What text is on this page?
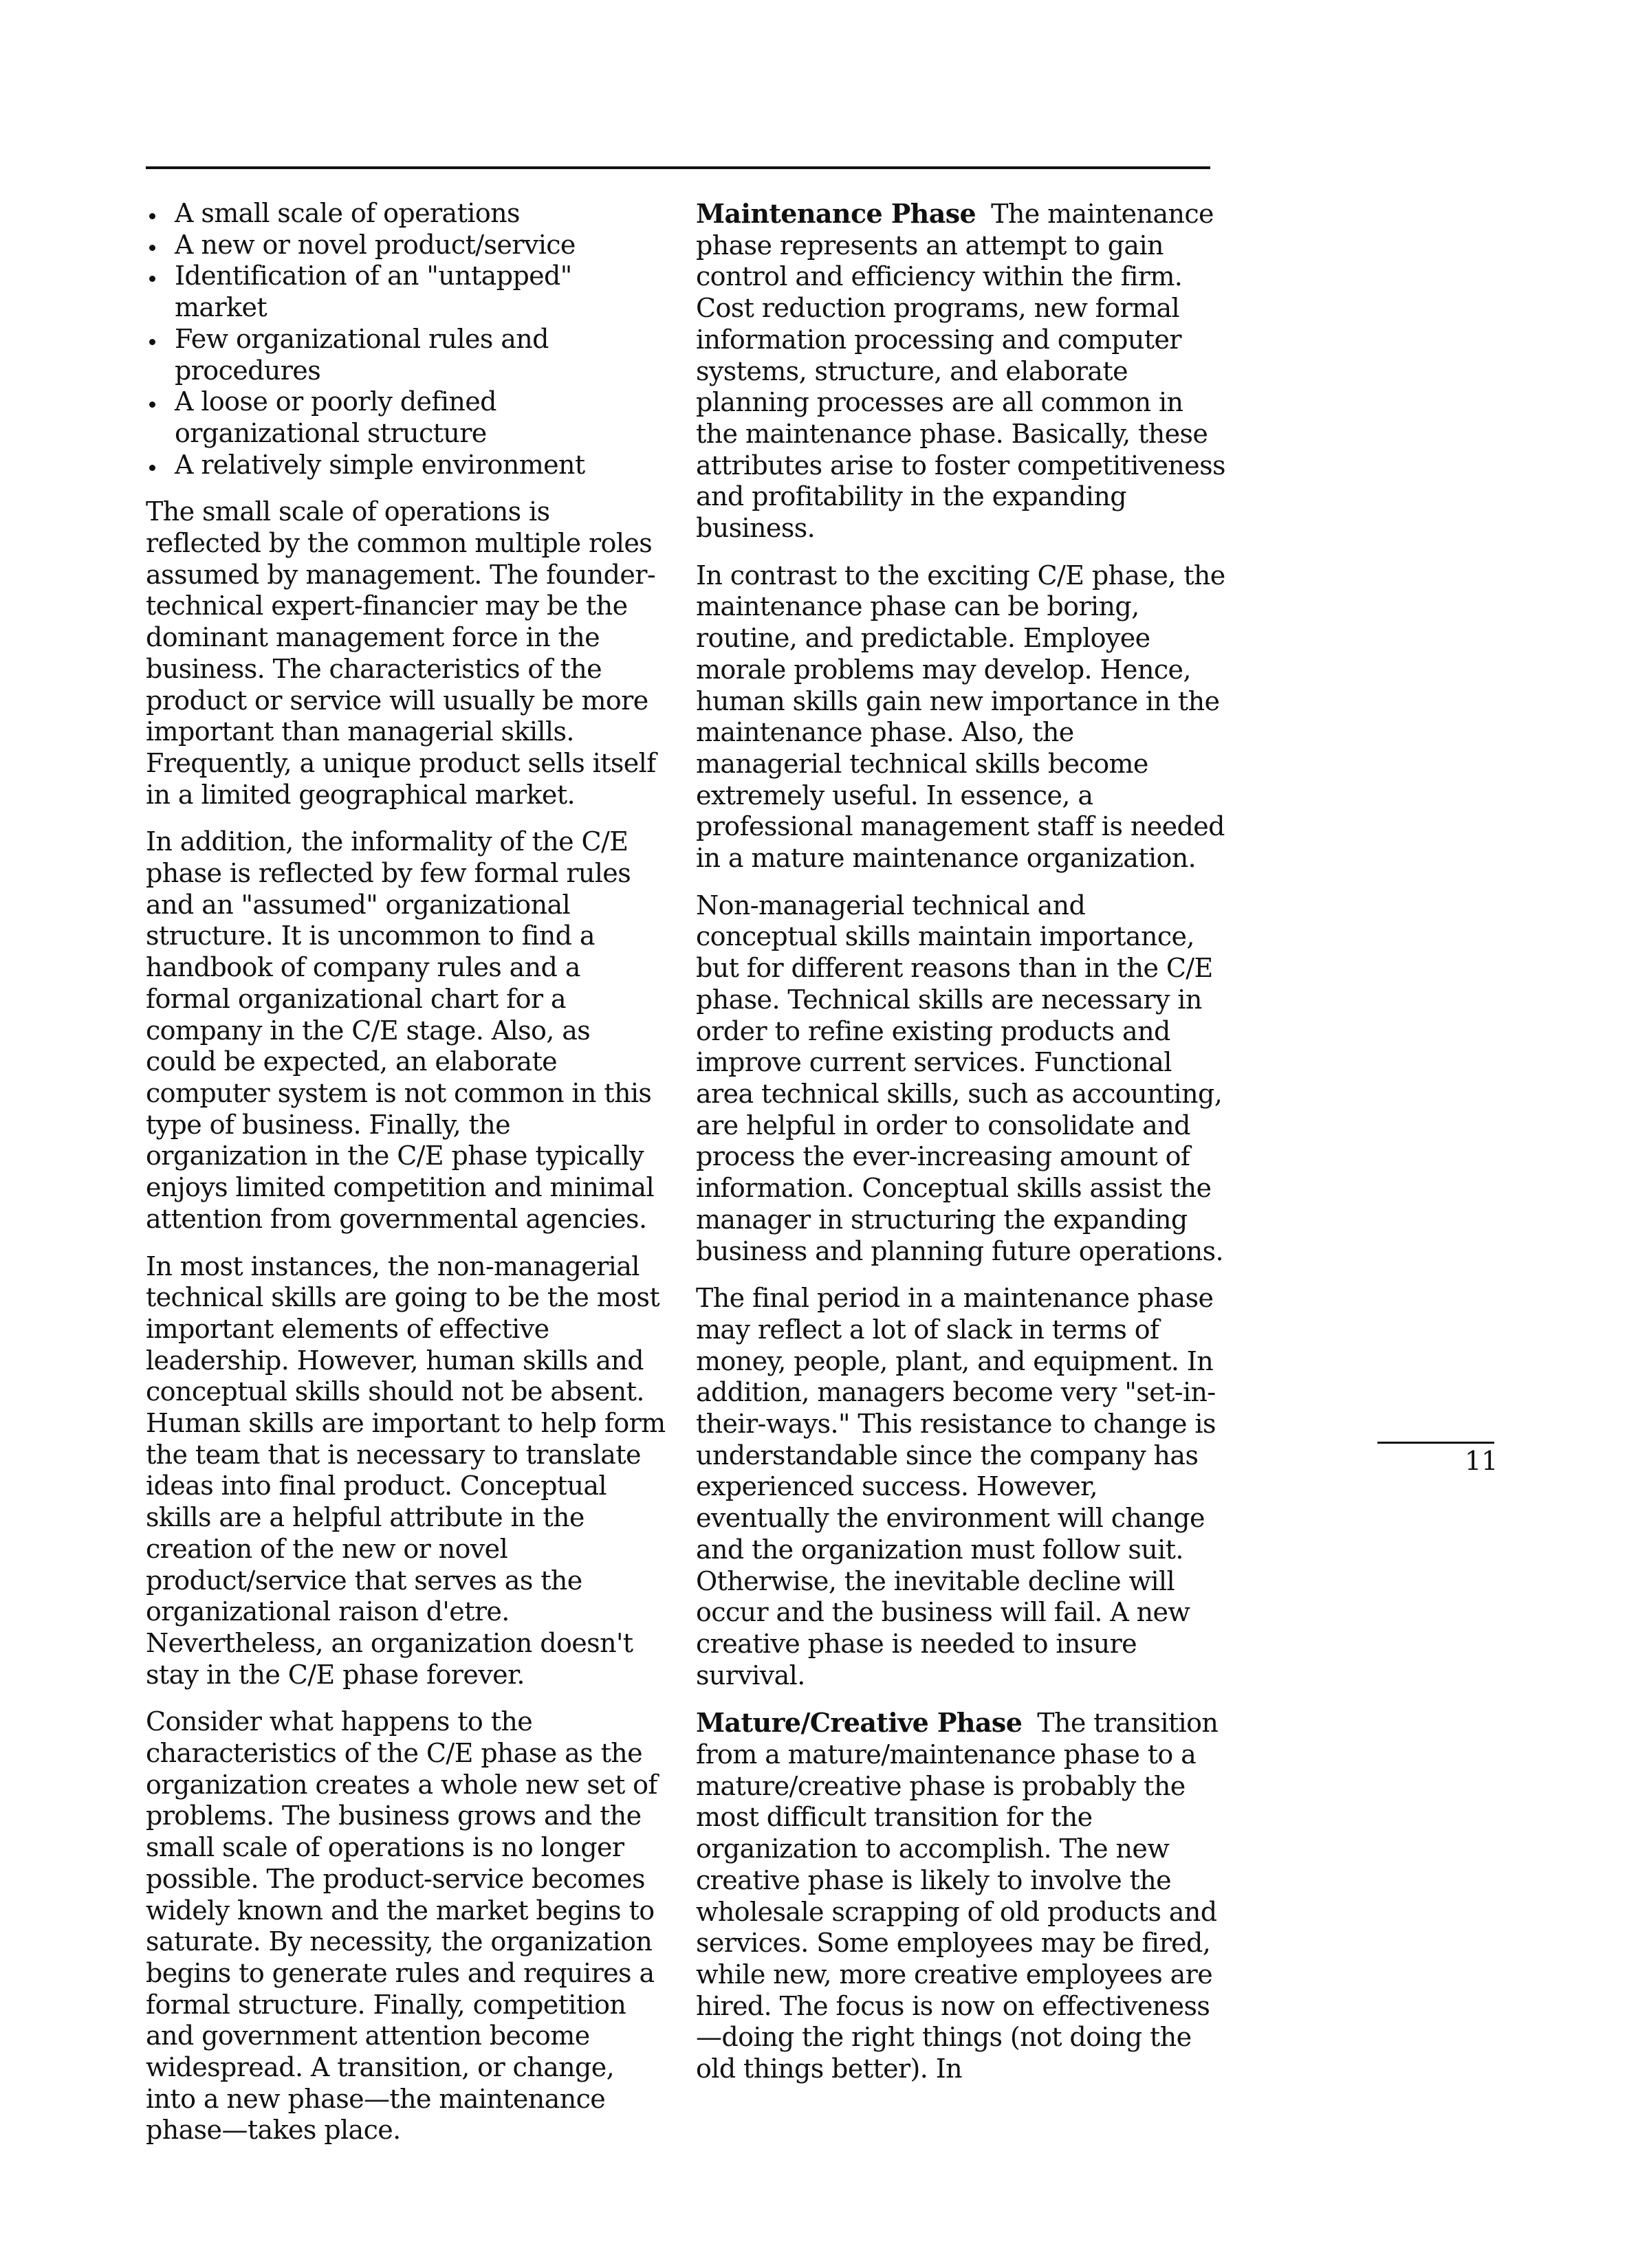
A small scale of operations
A new or novel product/service
Identification of an "untapped" market
Few organizational rules and procedures
A loose or poorly defined organizational structure
A relatively simple environment

The small scale of operations is reflected by the common multiple roles assumed by management. The founder-technical expert-financier may be the dominant management force in the business. The characteristics of the product or service will usually be more important than managerial skills. Frequently, a unique product sells itself in a limited geographical market.

In addition, the informality of the C/E phase is reflected by few formal rules and an "assumed" organizational structure. It is uncommon to find a handbook of company rules and a formal organizational chart for a company in the C/E stage. Also, as could be expected, an elaborate computer system is not common in this type of business. Finally, the organization in the C/E phase typically enjoys limited competition and minimal attention from governmental agencies.

In most instances, the non-managerial technical skills are going to be the most important elements of effective leadership. However, human skills and conceptual skills should not be absent. Human skills are important to help form the team that is necessary to translate ideas into final product. Conceptual skills are a helpful attribute in the creation of the new or novel product/service that serves as the organizational raison d'etre. Nevertheless, an organization doesn't stay in the C/E phase forever.

Consider what happens to the characteristics of the C/E phase as the organization creates a whole new set of problems. The business grows and the small scale of operations is no longer possible. The product-service becomes widely known and the market begins to saturate. By necessity, the organization begins to generate rules and requires a formal structure. Finally, competition and government attention become widespread. A transition, or change, into a new phase—the maintenance phase—takes place.

Maintenance Phase The maintenance phase represents an attempt to gain control and efficiency within the firm. Cost reduction programs, new formal information processing and computer systems, structure, and elaborate planning processes are all common in the maintenance phase. Basically, these attributes arise to foster competitiveness and profitability in the expanding business.

In contrast to the exciting C/E phase, the maintenance phase can be boring, routine, and predictable. Employee morale problems may develop. Hence, human skills gain new importance in the maintenance phase. Also, the managerial technical skills become extremely useful. In essence, a professional management staff is needed in a mature maintenance organization.

Non-managerial technical and conceptual skills maintain importance, but for different reasons than in the C/E phase. Technical skills are necessary in order to refine existing products and improve current services. Functional area technical skills, such as accounting, are helpful in order to consolidate and process the ever-increasing amount of information. Conceptual skills assist the manager in structuring the expanding business and planning future operations.

The final period in a maintenance phase may reflect a lot of slack in terms of money, people, plant, and equipment. In addition, managers become very "set-in-their-ways." This resistance to change is understandable since the company has experienced success. However, eventually the environment will change and the organization must follow suit. Otherwise, the inevitable decline will occur and the business will fail. A new creative phase is needed to insure survival.

Mature/Creative Phase The transition from a mature/maintenance phase to a mature/creative phase is probably the most difficult transition for the organization to accomplish. The new creative phase is likely to involve the wholesale scrapping of old products and services. Some employees may be fired, while new, more creative employees are hired. The focus is now on effectiveness—doing the right things (not doing the old things better). In

11
